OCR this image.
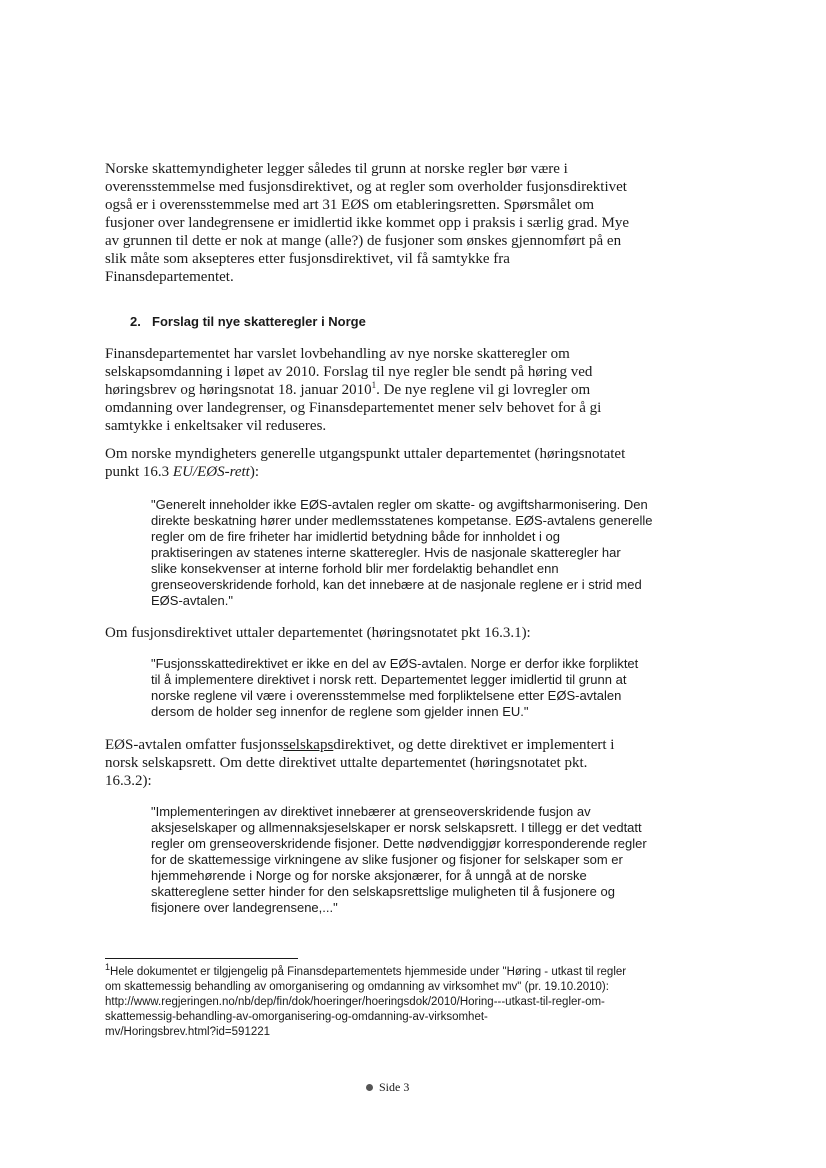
Norske skattemyndigheter legger således til grunn at norske regler bør være i
overensstemmelse med fusjonsdirektivet, og at regler som overholder fusjonsdirektivet
også er i overensstemmelse med art 31 EØS om etableringsretten. Spørsmålet om
fusjoner over landegrensene er imidlertid ikke kommet opp i praksis i særlig grad. Mye
av grunnen til dette er nok at mange (alle?) de fusjoner som ønskes gjennomført på en
slik måte som aksepteres etter fusjonsdirektivet, vil få samtykke fra
Finansdepartementet.
2. Forslag til nye skatteregler i Norge
Finansdepartementet har varslet lovbehandling av nye norske skatteregler om
selskapsomdanning i løpet av 2010. Forslag til nye regler ble sendt på høring ved
høringsbrev og høringsnotat 18. januar 2010$^1$. De nye reglene vil gi lovregler om
omdanning over landegrenser, og Finansdepartementet mener selv behovet for å gi
samtykke i enkeltsaker vil reduseres.
Om norske myndigheters generelle utgangspunkt uttaler departementet (høringsnotatet
punkt 16.3 EU/EØS-rett):
"Generelt inneholder ikke EØS-avtalen regler om skatte- og avgiftsharmonisering. Den
direkte beskatning hører under medlemsstatenes kompetanse. EØS-avtalens generelle
regler om de fire friheter har imidlertid betydning både for innholdet i og
praktiseringen av statenes interne skatteregler. Hvis de nasjonale skatteregler har
slike konsekvenser at interne forhold blir mer fordelaktig behandlet enn
grenseoverskridende forhold, kan det innebære at de nasjonale reglene er i strid med
EØS-avtalen."
Om fusjonsdirektivet uttaler departementet (høringsnotatet pkt 16.3.1):
"Fusjonsskattedirektivet er ikke en del av EØS-avtalen. Norge er derfor ikke forpliktet
til å implementere direktivet i norsk rett. Departementet legger imidlertid til grunn at
norske reglene vil være i overensstemmelse med forpliktelsene etter EØS-avtalen
dersom de holder seg innenfor de reglene som gjelder innen EU."
EØS-avtalen omfatter fusjonsselskapsdirektivet, og dette direktivet er implementert i
norsk selskapsrett. Om dette direktivet uttalte departementet (høringsnotatet pkt.
16.3.2):
"Implementeringen av direktivet innebærer at grenseoverskridende fusjon av
aksjeselskaper og allmennaksjeselskaper er norsk selskapsrett. I tillegg er det vedtatt
regler om grenseoverskridende fisjoner. Dette nødvendiggjør korresponderende regler
for de skattemessige virkningene av slike fusjoner og fisjoner for selskaper som er
hjemmehørende i Norge og for norske aksjonærer, for å unngå at de norske
skattereglene setter hinder for den selskapsrettslige muligheten til å fusjonere og
fisjonere over landegrensene,..."
$^1$Hele dokumentet er tilgjengelig på Finansdepartementets hjemmeside under "Høring - utkast til regler
om skattemessig behandling av omorganisering og omdanning av virksomhet mv" (pr. 19.10.2010):
http://www.regjeringen.no/nb/dep/fin/dok/hoeringer/hoeringsdok/2010/Horing---utkast-til-regler-om-
skattemessig-behandling-av-omorganisering-og-omdanning-av-virksomhet-
mv/Horingsbrev.html?id=591221
Side 3
